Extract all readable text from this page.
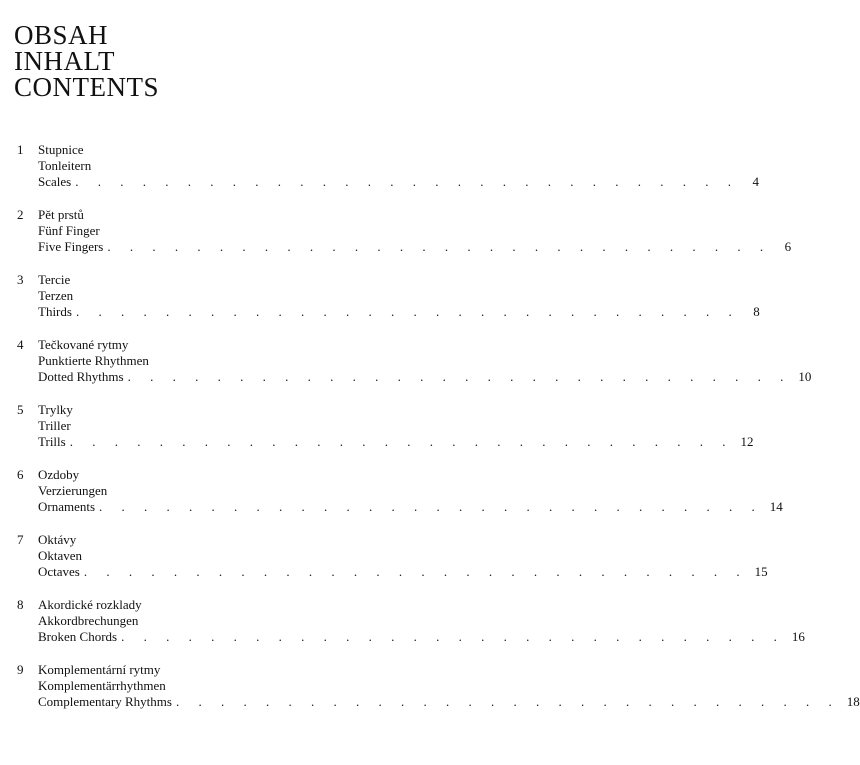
OBSAH
INHALT
CONTENTS
1 Stupnice
Tonleitern
Scales . . . . . . . . . . . . . . . . . . . . . . . . . . . . . .	4
2 Pět prstů
Fünf Finger
Five Fingers . . . . . . . . . . . . . . . . . . . . . . . . . . . . . .	6
3 Tercie
Terzen
Thirds . . . . . . . . . . . . . . . . . . . . . . . . . . . . . .	8
4 Tečkované rytmy
Punktierte Rhythmen
Dotted Rhythms . . . . . . . . . . . . . . . . . . . . . . . . . . . . . . 10
5 Trylky
Triller
Trills . . . . . . . . . . . . . . . . . . . . . . . . . . . . . . 12
6 Ozdoby
Verzierungen
Ornaments . . . . . . . . . . . . . . . . . . . . . . . . . . . . . . 14
7 Oktávy
Oktaven
Octaves . . . . . . . . . . . . . . . . . . . . . . . . . . . . . . 15
8 Akordické rozklady
Akkordbrechungen
Broken Chords . . . . . . . . . . . . . . . . . . . . . . . . . . . . . . 16
9 Komplementární rytmy
Komplementärrhythmen
Complementary Rhythms . . . . . . . . . . . . . . . . . . . . . . . . . . . . . . 18
